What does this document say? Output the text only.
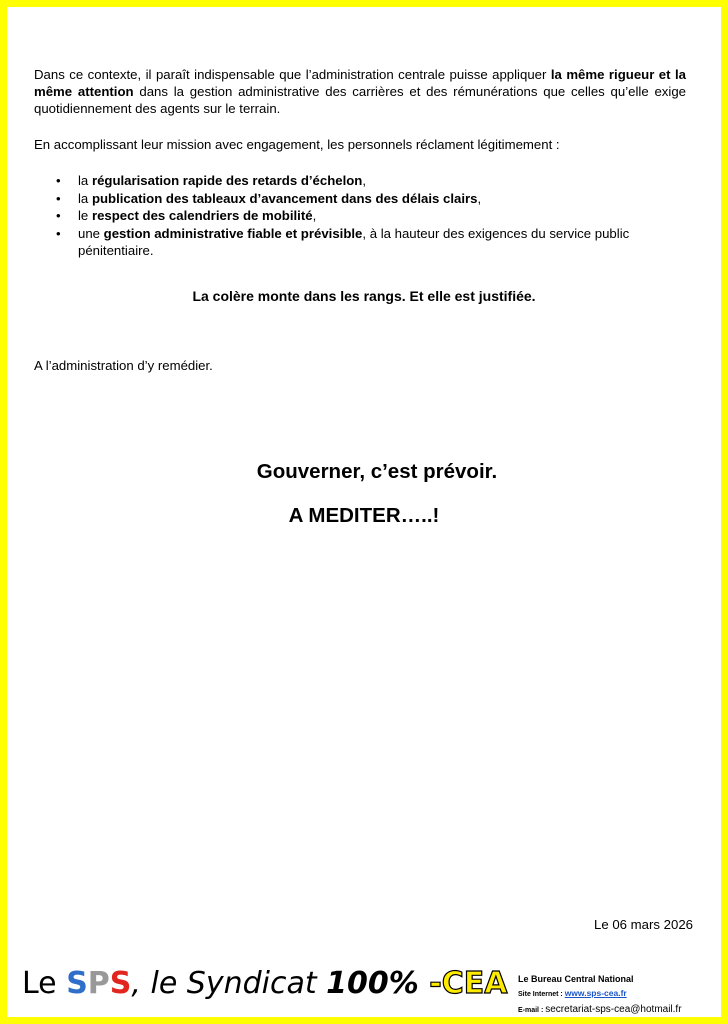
Dans ce contexte, il paraît indispensable que l’administration centrale puisse appliquer la même rigueur et la même attention dans la gestion administrative des carrières et des rémunérations que celles qu’elle exige quotidiennement des agents sur le terrain.
En accomplissant leur mission avec engagement, les personnels réclament légitimement :
• la régularisation rapide des retards d’échelon,
• la publication des tableaux d’avancement dans des délais clairs,
• le respect des calendriers de mobilité,
• une gestion administrative fiable et prévisible, à la hauteur des exigences du service public pénitentiaire.
La colère monte dans les rangs. Et elle est justifiée.
A l’administration d’y remédier.
Gouverner, c’est prévoir.
A MEDITER…..!
Le 06 mars 2026
Le SPS, le Syndicat 100% -CEA Le Bureau Central National
Site Internet : www.sps-cea.fr
E-mail : secretariat-sps-cea@hotmail.fr
